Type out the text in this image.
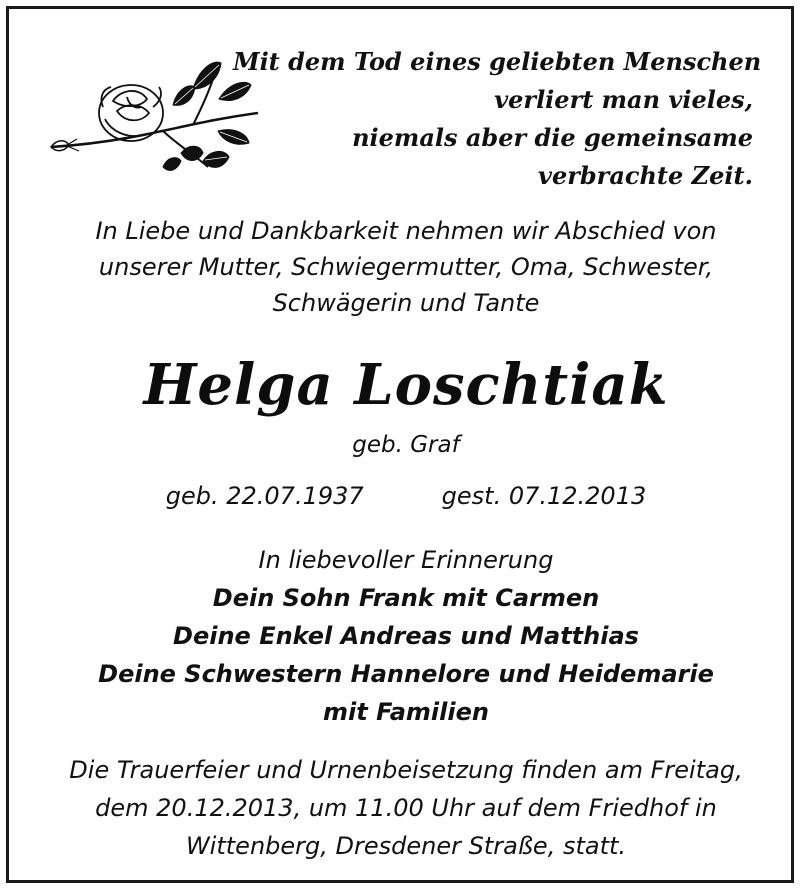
Mit dem Tod eines geliebten Menschen
verliert man vieles,
niemals aber die gemeinsame
verbrachte Zeit.
In Liebe und Dankbarkeit nehmen wir Abschied von
unserer Mutter, Schwiegermutter, Oma, Schwester,
Schwägerin und Tante
Helga Loschtiak
geb. Graf
geb. 22.07.1937	gest. 07.12.2013
In liebevoller Erinnerung
Dein Sohn Frank mit Carmen
Deine Enkel Andreas und Matthias
Deine Schwestern Hannelore und Heidemarie
mit Familien
Die Trauerfeier und Urnenbeisetzung finden am Freitag,
dem 20.12.2013, um 11.00 Uhr auf dem Friedhof in
Wittenberg, Dresdener Straße, statt.
